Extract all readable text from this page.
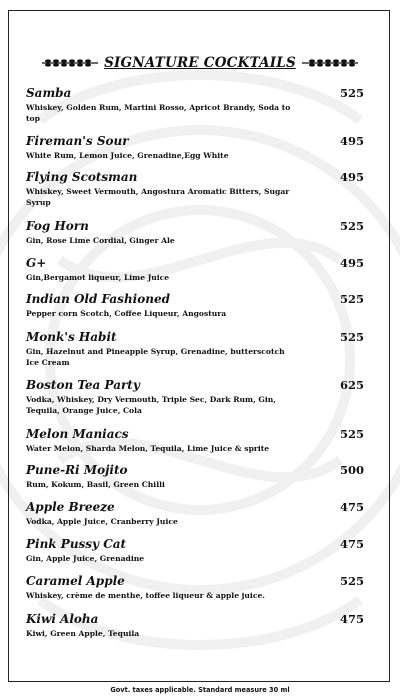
SIGNATURE COCKTAILS
Samba	525
Whiskey, Golden Rum, Martini Rosso, Apricot Brandy, Soda to top
Fireman's Sour	495
White Rum, Lemon Juice, Grenadine,Egg White
Flying Scotsman	495
Whiskey, Sweet Vermouth, Angostura Aromatic Bitters, Sugar Syrup
Fog Horn	525
Gin, Rose Lime Cordial, Ginger Ale
G+	495
Gin,Bergamot liqueur, Lime Juice
Indian Old Fashioned	525
Pepper corn Scotch, Coffee Liqueur, Angostura
Monk's Habit	525
Gin, Hazelnut and Pineapple Syrup, Grenadine, butterscotch Ice Cream
Boston Tea Party	625
Vodka, Whiskey, Dry Vermouth, Triple Sec, Dark Rum, Gin, Tequila, Orange Juice, Cola
Melon Maniacs	525
Water Melon, Sharda Melon, Tequila, Lime Juice & sprite
Pune-Ri Mojito	500
Rum, Kokum, Basil, Green Chilli
Apple Breeze	475
Vodka, Apple Juice, Cranberry Juice
Pink Pussy Cat	475
Gin, Apple Juice, Grenadine
Caramel Apple	525
Whiskey, crème de menthe, toffee liqueur & apple juice.
Kiwi Aloha	475
Kiwi, Green Apple, Tequila
Govt. taxes applicable. Standard measure 30 ml
